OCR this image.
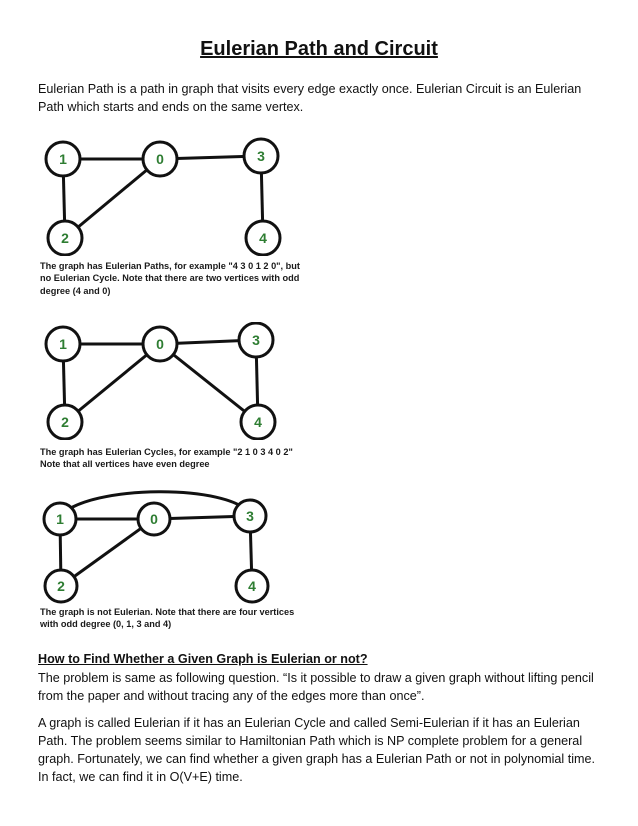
Eulerian Path and Circuit

Eulerian Path is a path in graph that visits every edge exactly once. Eulerian Circuit is an Eulerian Path which starts and ends on the same vertex.

1	0	3
2	4

The graph has Eulerian Paths, for example "4 3 0 1 2 0", but no Eulerian Cycle. Note that there are two vertices with odd degree (4 and 0)

1	0	3
2	4

The graph has Eulerian Cycles, for example "2 1 0 3 4 0 2" Note that all vertices have even degree

1	0	3
2	4

The graph is not Eulerian. Note that there are four vertices with odd degree (0, 1, 3 and 4)

How to Find Whether a Given Graph is Eulerian or not?

The problem is same as following question. “Is it possible to draw a given graph without lifting pencil from the paper and without tracing any of the edges more than once”.

A graph is called Eulerian if it has an Eulerian Cycle and called Semi-Eulerian if it has an Eulerian Path. The problem seems similar to Hamiltonian Path which is NP complete problem for a general graph. Fortunately, we can find whether a given graph has a Eulerian Path or not in polynomial time. In fact, we can find it in O(V+E) time.
